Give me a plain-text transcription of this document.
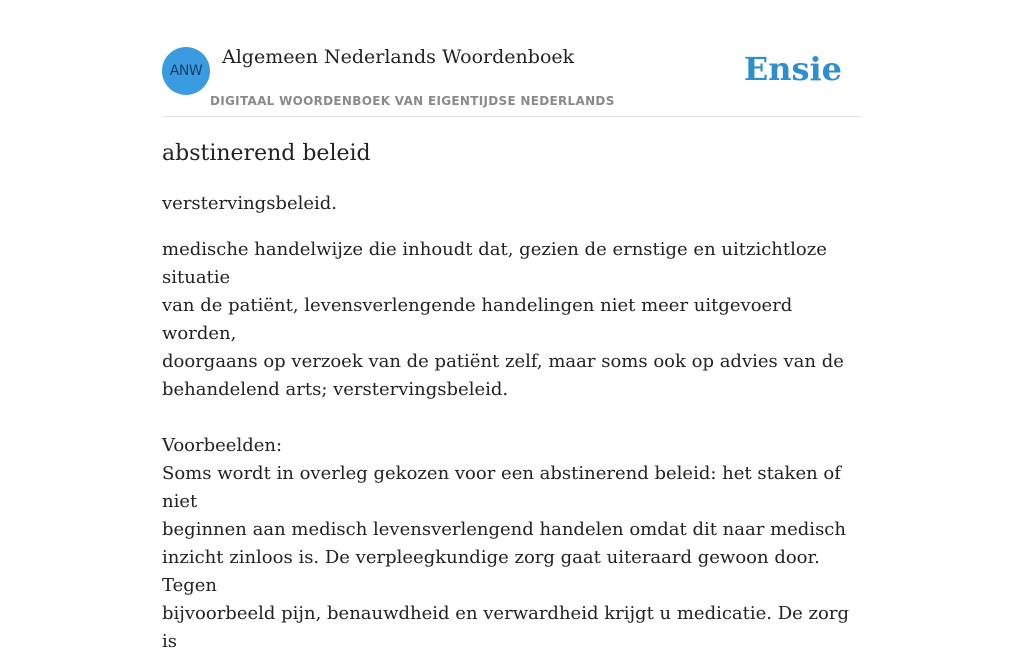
ANW
Algemeen Nederlands Woordenboek
DIGITAAL WOORDENBOEK VAN EIGENTIJDSE NEDERLANDS
Ensie
abstinerend beleid

verstervingsbeleid.

medische handelwijze die inhoudt dat, gezien de ernstige en uitzichtloze situatie
van de patiënt, levensverlengende handelingen niet meer uitgevoerd worden,
doorgaans op verzoek van de patiënt zelf, maar soms ook op advies van de
behandelend arts; verstervingsbeleid.

Voorbeelden:

Soms wordt in overleg gekozen voor een abstinerend beleid: het staken of niet
beginnen aan medisch levensverlengend handelen omdat dit naar medisch
inzicht zinloos is. De verpleegkundige zorg gaat uiteraard gewoon door. Tegen
bijvoorbeeld pijn, benauwdheid en verwardheid krijgt u medicatie. De zorg is
